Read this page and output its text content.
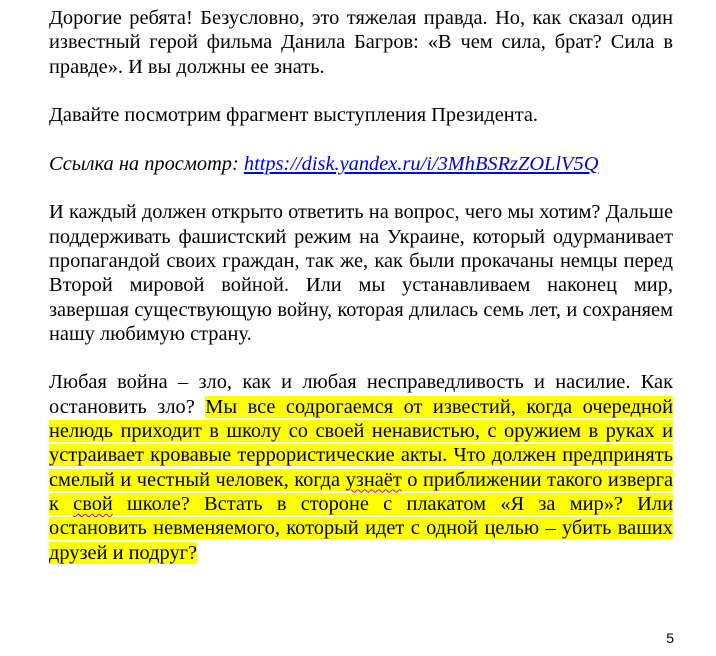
Дорогие ребята! Безусловно, это тяжелая правда. Но, как сказал один известный герой фильма Данила Багров: «В чем сила, брат? Сила в правде». И вы должны ее знать.

Давайте посмотрим фрагмент выступления Президента.

Ссылка на просмотр: https://disk.yandex.ru/i/3MhBSRzZOLlV5Q

И каждый должен открыто ответить на вопрос, чего мы хотим? Дальше поддерживать фашистский режим на Украине, который одурманивает пропагандой своих граждан, так же, как были прокачаны немцы перед Второй мировой войной. Или мы устанавливаем наконец мир, завершая существующую войну, которая длилась семь лет, и сохраняем нашу любимую страну.

Любая война – зло, как и любая несправедливость и насилие. Как остановить зло? Мы все содрогаемся от известий, когда очередной нелюдь приходит в школу со своей ненавистью, с оружием в руках и устраивает кровавые террористические акты. Что должен предпринять смелый и честный человек, когда узнаёт о приближении такого изверга к свой школе? Встать в стороне с плакатом «Я за мир»? Или остановить невменяемого, который идет с одной целью – убить ваших друзей и подруг?

5
